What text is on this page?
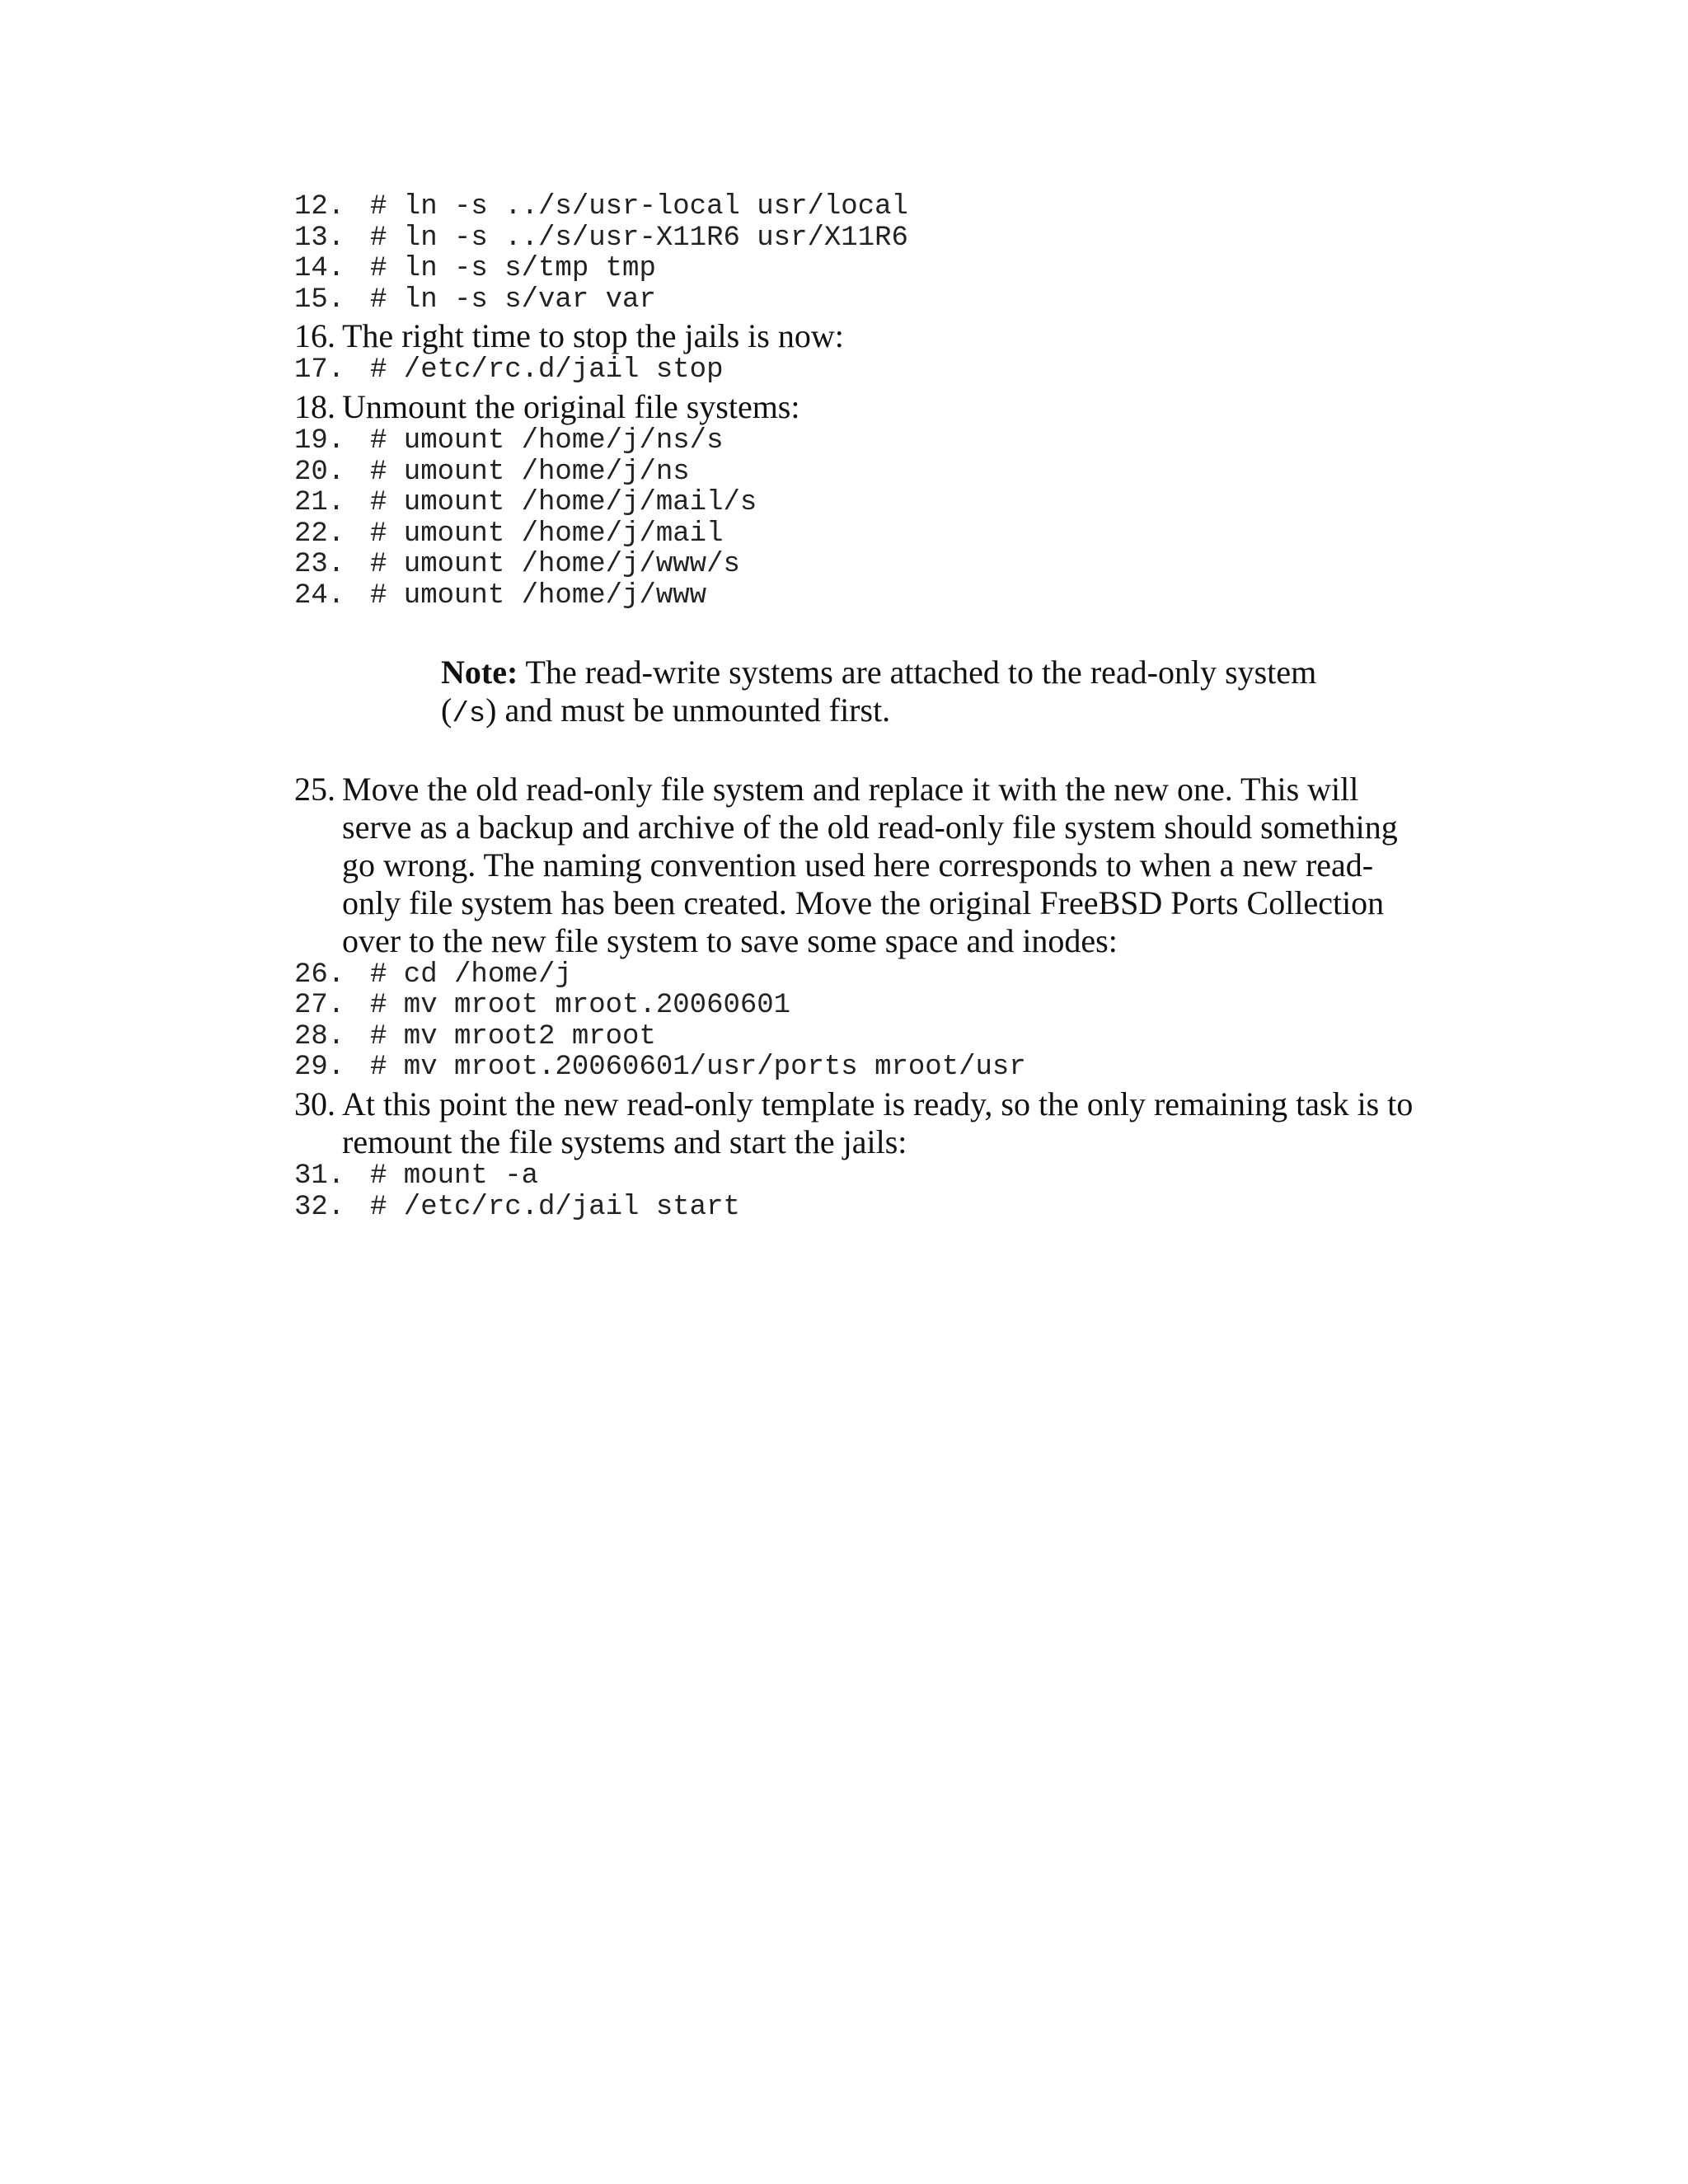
12. # ln -s ../s/usr-local usr/local
13. # ln -s ../s/usr-X11R6 usr/X11R6
14. # ln -s s/tmp tmp
15. # ln -s s/var var
16. The right time to stop the jails is now:
17. # /etc/rc.d/jail stop
18. Unmount the original file systems:
19. # umount /home/j/ns/s
20. # umount /home/j/ns
21. # umount /home/j/mail/s
22. # umount /home/j/mail
23. # umount /home/j/www/s
24. # umount /home/j/www
Note: The read-write systems are attached to the read-only system (/s) and must be unmounted first.
25. Move the old read-only file system and replace it with the new one. This will serve as a backup and archive of the old read-only file system should something go wrong. The naming convention used here corresponds to when a new read-only file system has been created. Move the original FreeBSD Ports Collection over to the new file system to save some space and inodes:
26. # cd /home/j
27. # mv mroot mroot.20060601
28. # mv mroot2 mroot
29. # mv mroot.20060601/usr/ports mroot/usr
30. At this point the new read-only template is ready, so the only remaining task is to remount the file systems and start the jails:
31. # mount -a
32. # /etc/rc.d/jail start
